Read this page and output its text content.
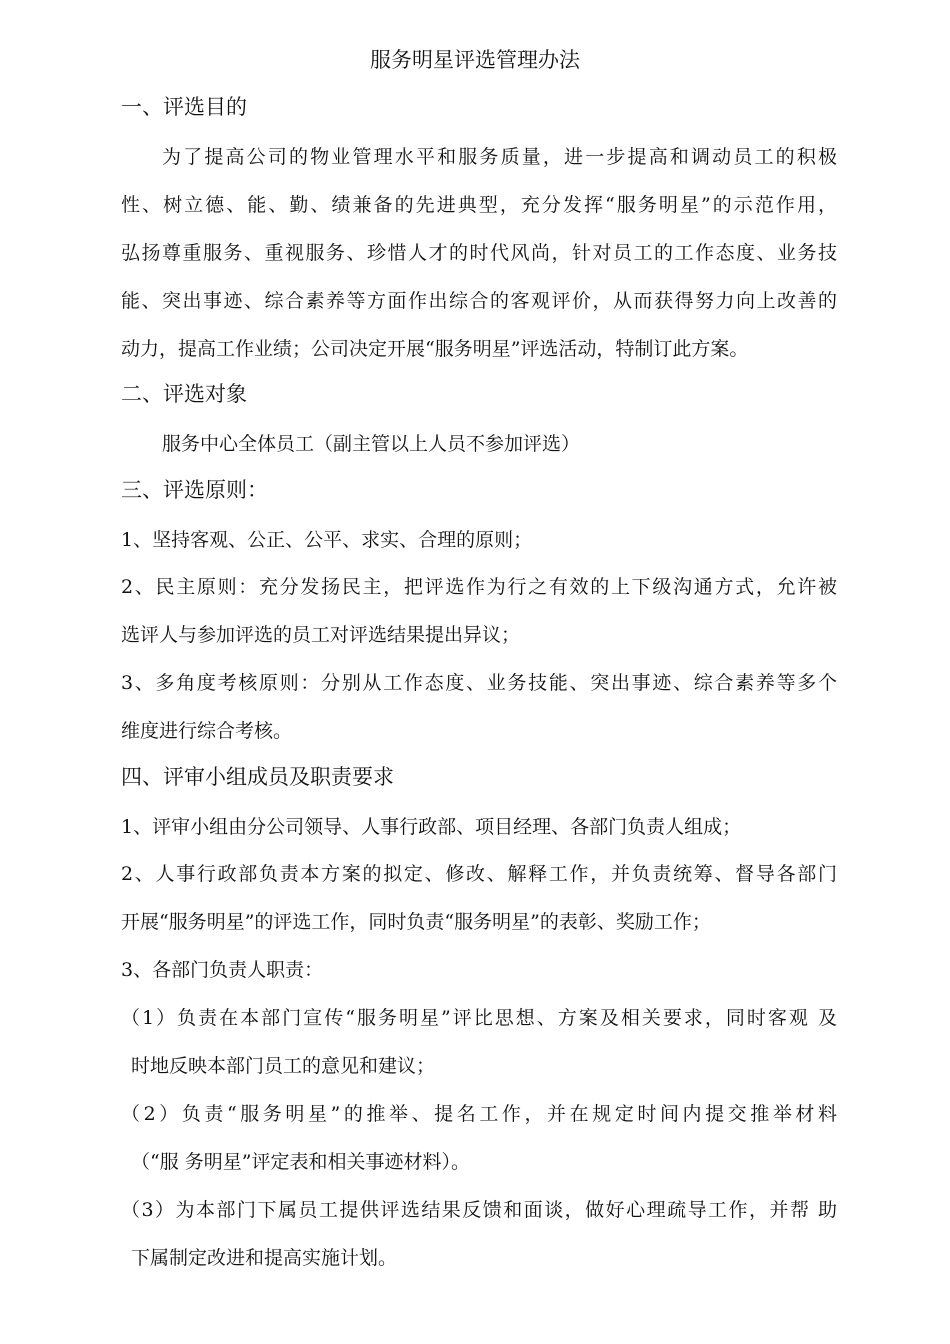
服务明星评选管理办法
一、评选目的
为了提高公司的物业管理水平和服务质量，进一步提高和调动员工的积极
性、树立德、能、勤、绩兼备的先进典型，充分发挥“服务明星”的示范作用，
弘扬尊重服务、重视服务、珍惜人才的时代风尚，针对员工的工作态度、业务技
能、突出事迹、综合素养等方面作出综合的客观评价，从而获得努力向上改善的
动力，提高工作业绩；公司决定开展“服务明星”评选活动，特制订此方案。
二、评选对象
服务中心全体员工（副主管以上人员不参加评选）
三、评选原则：
1、坚持客观、公正、公平、求实、合理的原则；
2、民主原则：充分发扬民主，把评选作为行之有效的上下级沟通方式，允许被
选评人与参加评选的员工对评选结果提出异议；
3、多角度考核原则：分别从工作态度、业务技能、突出事迹、综合素养等多个
维度进行综合考核。
四、评审小组成员及职责要求
1、评审小组由分公司领导、人事行政部、项目经理、各部门负责人组成；
2、人事行政部负责本方案的拟定、修改、解释工作，并负责统筹、督导各部门
开展“服务明星”的评选工作，同时负责“服务明星”的表彰、奖励工作；
3、各部门负责人职责：
（1）负责在本部门宣传“服务明星”评比思想、方案及相关要求，同时客观 及
时地反映本部门员工的意见和建议；
（2）负责“服务明星”的推举、提名工作，并在规定时间内提交推举材料
（“服 务明星”评定表和相关事迹材料）。
（3）为本部门下属员工提供评选结果反馈和面谈，做好心理疏导工作，并帮 助
下属制定改进和提高实施计划。
